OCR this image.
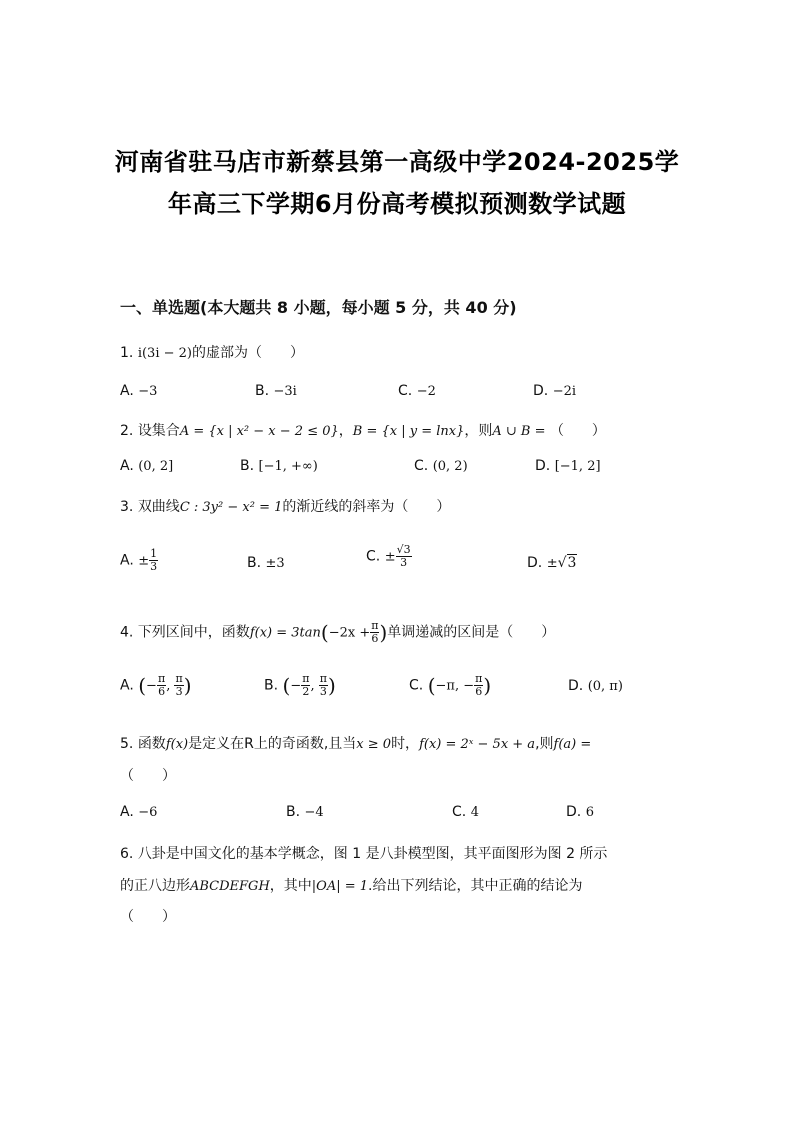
河南省驻马店市新蔡县第一高级中学2024-2025学
年高三下学期6月份高考模拟预测数学试题
一、单选题(本大题共 8 小题，每小题 5 分，共 40 分)
1. i(3i − 2)的虚部为（　　）
A. −3	B. −3i	C. −2	D. −2i
2. 设集合A = {x | x² − x − 2 ≤ 0}，B = {x | y = lnx}，则A ∪ B = （　　）
A. (0, 2]	B. [−1, +∞)	C. (0, 2)	D. [−1, 2]
3. 双曲线C : 3y² − x² = 1的渐近线的斜率为（　　）
A. ± $\frac{1}{3}$	B. ±3	C. ± $\frac{√3}{3}$	D. ±√3
4. 下列区间中，函数$f(x) = 3\tan(-2x + \frac{\pi}{6}$ )单调递减的区间是（　　）
A. (− $\frac{\pi}{6}$ , $\frac{\pi}{3}$ )	B. (− $\frac{\pi}{2}$ , $\frac{\pi}{3}$ )	C. (−π, − $\frac{\pi}{6}$ )	D. (0, π)
5. 函数f(x)是定义在R上的奇函数,且当x ≥ 0时，f(x) = 2ˣ − 5x + a,则f(a) =
（　　）
A. −6	B. −4	C. 4	D. 6
6. 八卦是中国文化的基本学概念，图 1 是八卦模型图，其平面图形为图 2 所示
的正八边形ABCDEFGH，其中|OA| = 1.给出下列结论，其中正确的结论为
（　　）
